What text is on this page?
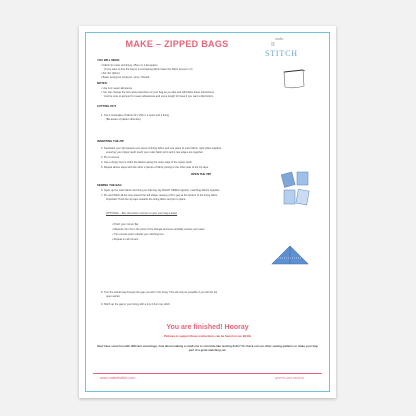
MAKE – ZIPPED BAGS
make
it
STITCH
YOU WILL NEED:
• Fabric for outer and lining: 25cm or 1 fat quarter
(If you want to line the bag in a contrasting fabric halve the fabric amount x 2)
• Zip: 8in (20cm)
• Basic sewing kit (scissors / pins / thread)
NOTES:
• Use 1cm seam allowance
• You can change the size and proportions of your bag as you like and still follow these instructions.
Just be sure to account for seam allowances and some length for base if you want a flat bottom.
CUTTING OUT
1. Cut 4 rectangles of fabric 20 x 25cm: 2 outer and 2 lining
(Be aware of pattern direction)
INSERTING THE ZIP
2. Sandwich your zip between one piece of lining fabric and one piece of outer fabric, right sides together,
ensuring your zipper teeth touch your outer fabric print and it raw edges are together
3. Pin to secure
4. Use a zipper foot to stitch the fabrics along the outer edge of the zipper teeth
5. Repeat above steps with the other 2 pieces of fabric joining to the other side of the zip tape.
OPEN THE ZIP!
SEWING THE BAG
6. Open up the main fabric and lining so that they lay RIGHT SIDES together, matching fabrics together.
7. Pin and Stitch all the way around the full shape, leaving a 5cm gap at the bottom of the lining fabric.
Important: Push the zip tape towards the lining fabric and pin in place.
OPTIONAL – Box the bottom corners to give your bag a base!
• Pinch your corner flat
• Measure 2cm from the point of the triangle and sew vertically across your seam
• Trim excess point outside your stitching line
• Repeat on all corners
8. Turn the whole bag through the gap you left in the lining. This will only be possible if you left the zip
open earlier.
9. Stitch up the gap in your lining with a tiny 0.3cm top stitch.
You are finished! Hooray
Pictures to support these instructions can be found on our BLOG
Now have some fun with different sized bags, how about making a small one to sit inside like nesting dolls? Or check out our other sewing patterns to make your bag part of a great matching set.
www.makeitstitch.com	@STITCHSTUDIOUK
